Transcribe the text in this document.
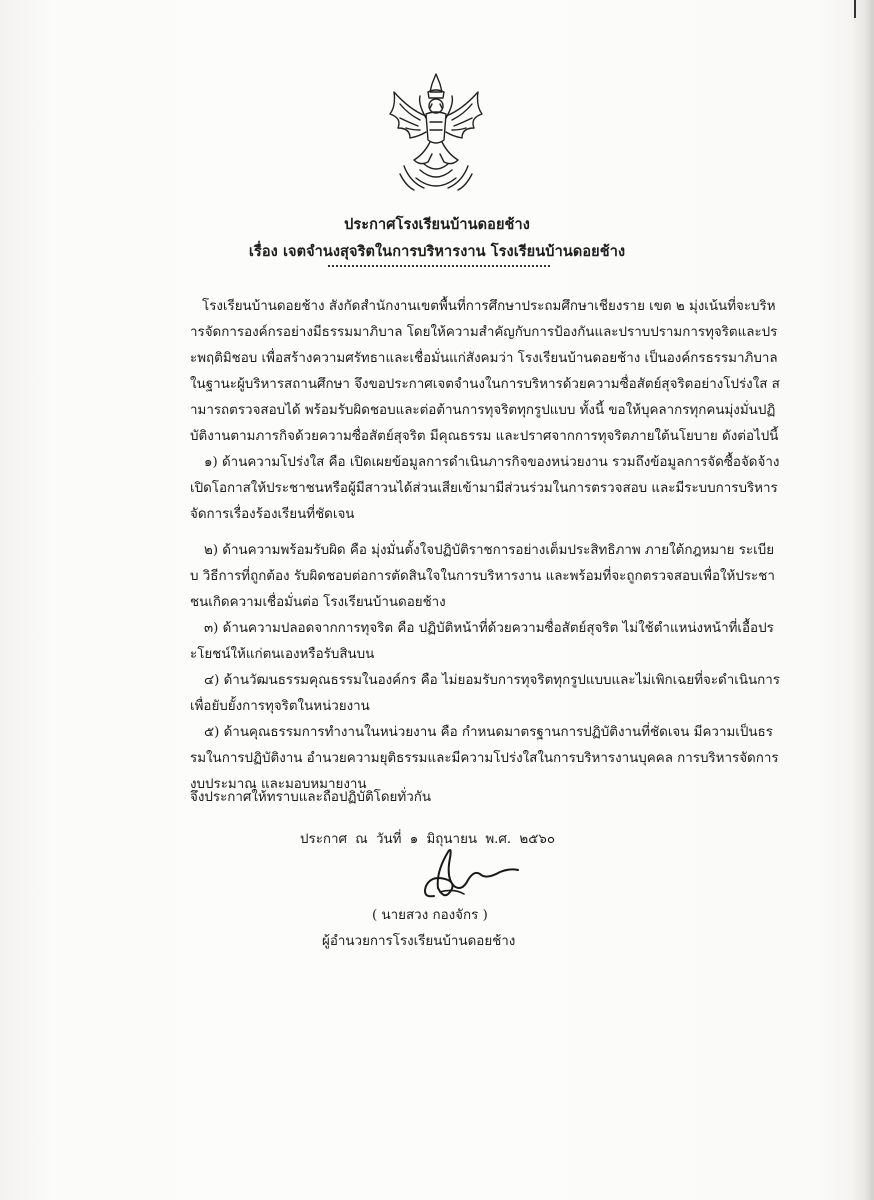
ประกาศโรงเรียนบ้านดอยช้าง
เรื่อง เจตจำนงสุจริตในการบริหารงาน โรงเรียนบ้านดอยช้าง

โรงเรียนบ้านดอยช้าง สังกัดสำนักงานเขตพื้นที่การศึกษาประถมศึกษาเชียงราย เขต ๒ มุ่งเน้นที่จะบริหารจัดการองค์กรอย่างมีธรรมมาภิบาล โดยให้ความสำคัญกับการป้องกันและปราบปรามการทุจริตและประพฤติมิชอบ เพื่อสร้างความศรัทธาและเชื่อมั่นแก่สังคมว่า โรงเรียนบ้านดอยช้าง เป็นองค์กรธรรมาภิบาล ในฐานะผู้บริหารสถานศึกษา จึงขอประกาศเจตจำนงในการบริหารด้วยความซื่อสัตย์สุจริตอย่างโปร่งใส สามารถตรวจสอบได้ พร้อมรับผิดชอบและต่อต้านการทุจริตทุกรูปแบบ ทั้งนี้ ขอให้บุคลากรทุกคนมุ่งมั่นปฏิบัติงานตามภารกิจด้วยความซื่อสัตย์สุจริต มีคุณธรรม และปราศจากการทุจริตภายใต้นโยบาย ดังต่อไปนี้

๑) ด้านความโปร่งใส คือ เปิดเผยข้อมูลการดำเนินภารกิจของหน่วยงาน รวมถึงข้อมูลการจัดซื้อจัดจ้าง เปิดโอกาสให้ประชาชนหรือผู้มีสาวนได้ส่วนเสียเข้ามามีส่วนร่วมในการตรวจสอบ และมีระบบการบริหารจัดการเรื่องร้องเรียนที่ชัดเจน

๒) ด้านความพร้อมรับผิด คือ มุ่งมั่นตั้งใจปฏิบัติราชการอย่างเต็มประสิทธิภาพ ภายใต้กฎหมาย ระเบียบ วิธีการที่ถูกต้อง รับผิดชอบต่อการตัดสินใจในการบริหารงาน และพร้อมที่จะถูกตรวจสอบเพื่อให้ประชาชนเกิดความเชื่อมั่นต่อ โรงเรียนบ้านดอยช้าง

๓) ด้านความปลอดจากการทุจริต คือ ปฏิบัติหน้าที่ด้วยความซื่อสัตย์สุจริต ไม่ใช้ตำแหน่งหน้าที่เอื้อประโยชน์ให้แก่ตนเองหรือรับสินบน

๔) ด้านวัฒนธรรมคุณธรรมในองค์กร คือ ไม่ยอมรับการทุจริตทุกรูปแบบและไม่เพิกเฉยที่จะดำเนินการเพื่อยับยั้งการทุจริตในหน่วยงาน

๕) ด้านคุณธรรมการทำงานในหน่วยงาน คือ กำหนดมาตรฐานการปฏิบัติงานที่ชัดเจน มีความเป็นธรรมในการปฏิบัติงาน อำนวยความยุติธรรมและมีความโปร่งใสในการบริหารงานบุคคล การบริหารจัดการงบประมาณ และมอบหมายงาน

จึงประกาศให้ทราบและถือปฏิบัติโดยทั่วกัน
ประกาศ ณ วันที่ ๑ มิถุนายน พ.ศ. ๒๕๖๐
( นายสวง กองจักร )
ผู้อำนวยการโรงเรียนบ้านดอยช้าง
